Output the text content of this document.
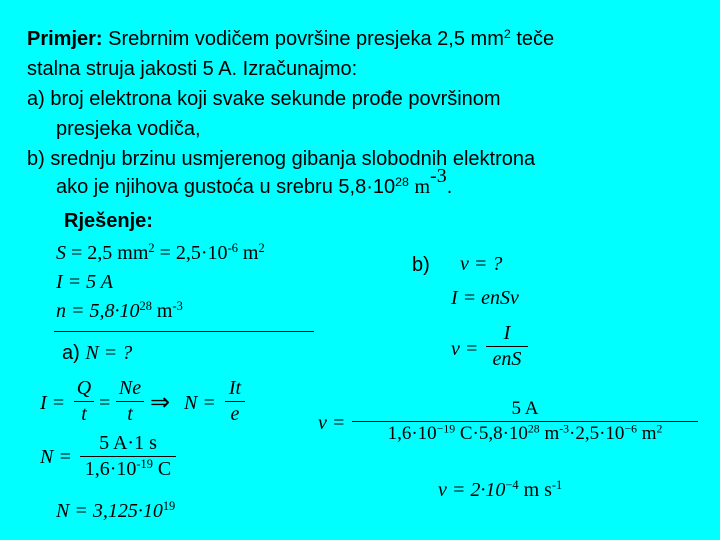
Primjer: Srebrnim vodičem površine presjeka 2,5 $mm^2$ teče
stalna struja jakosti 5 A. Izračunajmo:
a) broj elektrona koji svake sekunde prođe površinom
presjeka vodiča,
b) srednju brzinu usmjerenog gibanja slobodnih elektrona
ako je njihova gustoća u srebru $5,8\cdot 10^{28}$ $m^{-3}$.
Rješenje:
S = 2,5 $mm^2 = 2,5\cdot 10^{-6}$ $m^2$
I = 5 A
$n = 5,8\cdot 10^{28}$ $m^{-3}$
a) N = ?
I =
Q
t =
Ne
t ⇒ N =
It
e
N =
5 A·1 s
$1,6\cdot 10^{-19}$ C
$N = 3,125\cdot 10^{19}$
b) v = ?
I = enSv
v =
I
enS
v =
5 A
$1,6\cdot 10^{-19}$ $C\cdot 5,8\cdot 10^{28}$ $m^{-3}\cdot 2,5\cdot 10^{-6}$ $m^2$
$v = 2\cdot 10^{-4}$ m $s^{-1}$
